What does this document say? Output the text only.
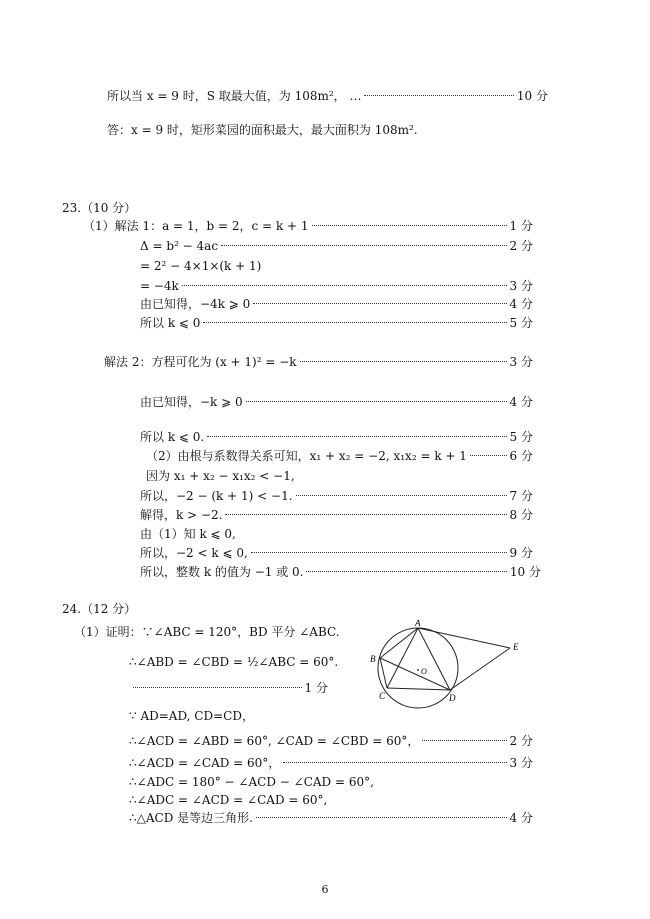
所以当 x = 9 时，S 取最大值，为 108m²， …	10 分
答：x = 9 时，矩形菜园的面积最大，最大面积为 108m².
23.（10 分）
（1）解法 1：a = 1，b = 2，c = k + 1	1 分
Δ = b² − 4ac	2 分
= 2² − 4×1×(k + 1)
= −4k	3 分
由已知得，−4k ⩾ 0	4 分
所以 k ⩽ 0	5 分
解法 2：方程可化为 (x + 1)² = −k	3 分
由已知得，−k ⩾ 0	4 分
所以 k ⩽ 0.	5 分
（2）由根与系数得关系可知，x₁ + x₂ = −2, x₁x₂ = k + 1	6 分
因为 x₁ + x₂ − x₁x₂ < −1,
所以，−2 − (k + 1) < −1.	7 分
解得，k > −2.	8 分
由（1）知 k ⩽ 0,
所以，−2 < k ⩽ 0,	9 分
所以，整数 k 的值为 −1 或 0.	10 分
24.（12 分）
（1）证明：∵∠ABC = 120°，BD 平分 ∠ABC.
∴∠ABD = ∠CBD = ½∠ABC = 60°.
1 分
∵ AD=AD, CD=CD，
∴∠ACD = ∠ABD = 60°, ∠CAD = ∠CBD = 60°，	2 分
∴∠ACD = ∠CAD = 60°，	3 分
∴∠ADC = 180° − ∠ACD − ∠CAD = 60°,
∴∠ADC = ∠ACD = ∠CAD = 60°,
∴△ACD 是等边三角形.	4 分
A
B
C	D
E
O
6
